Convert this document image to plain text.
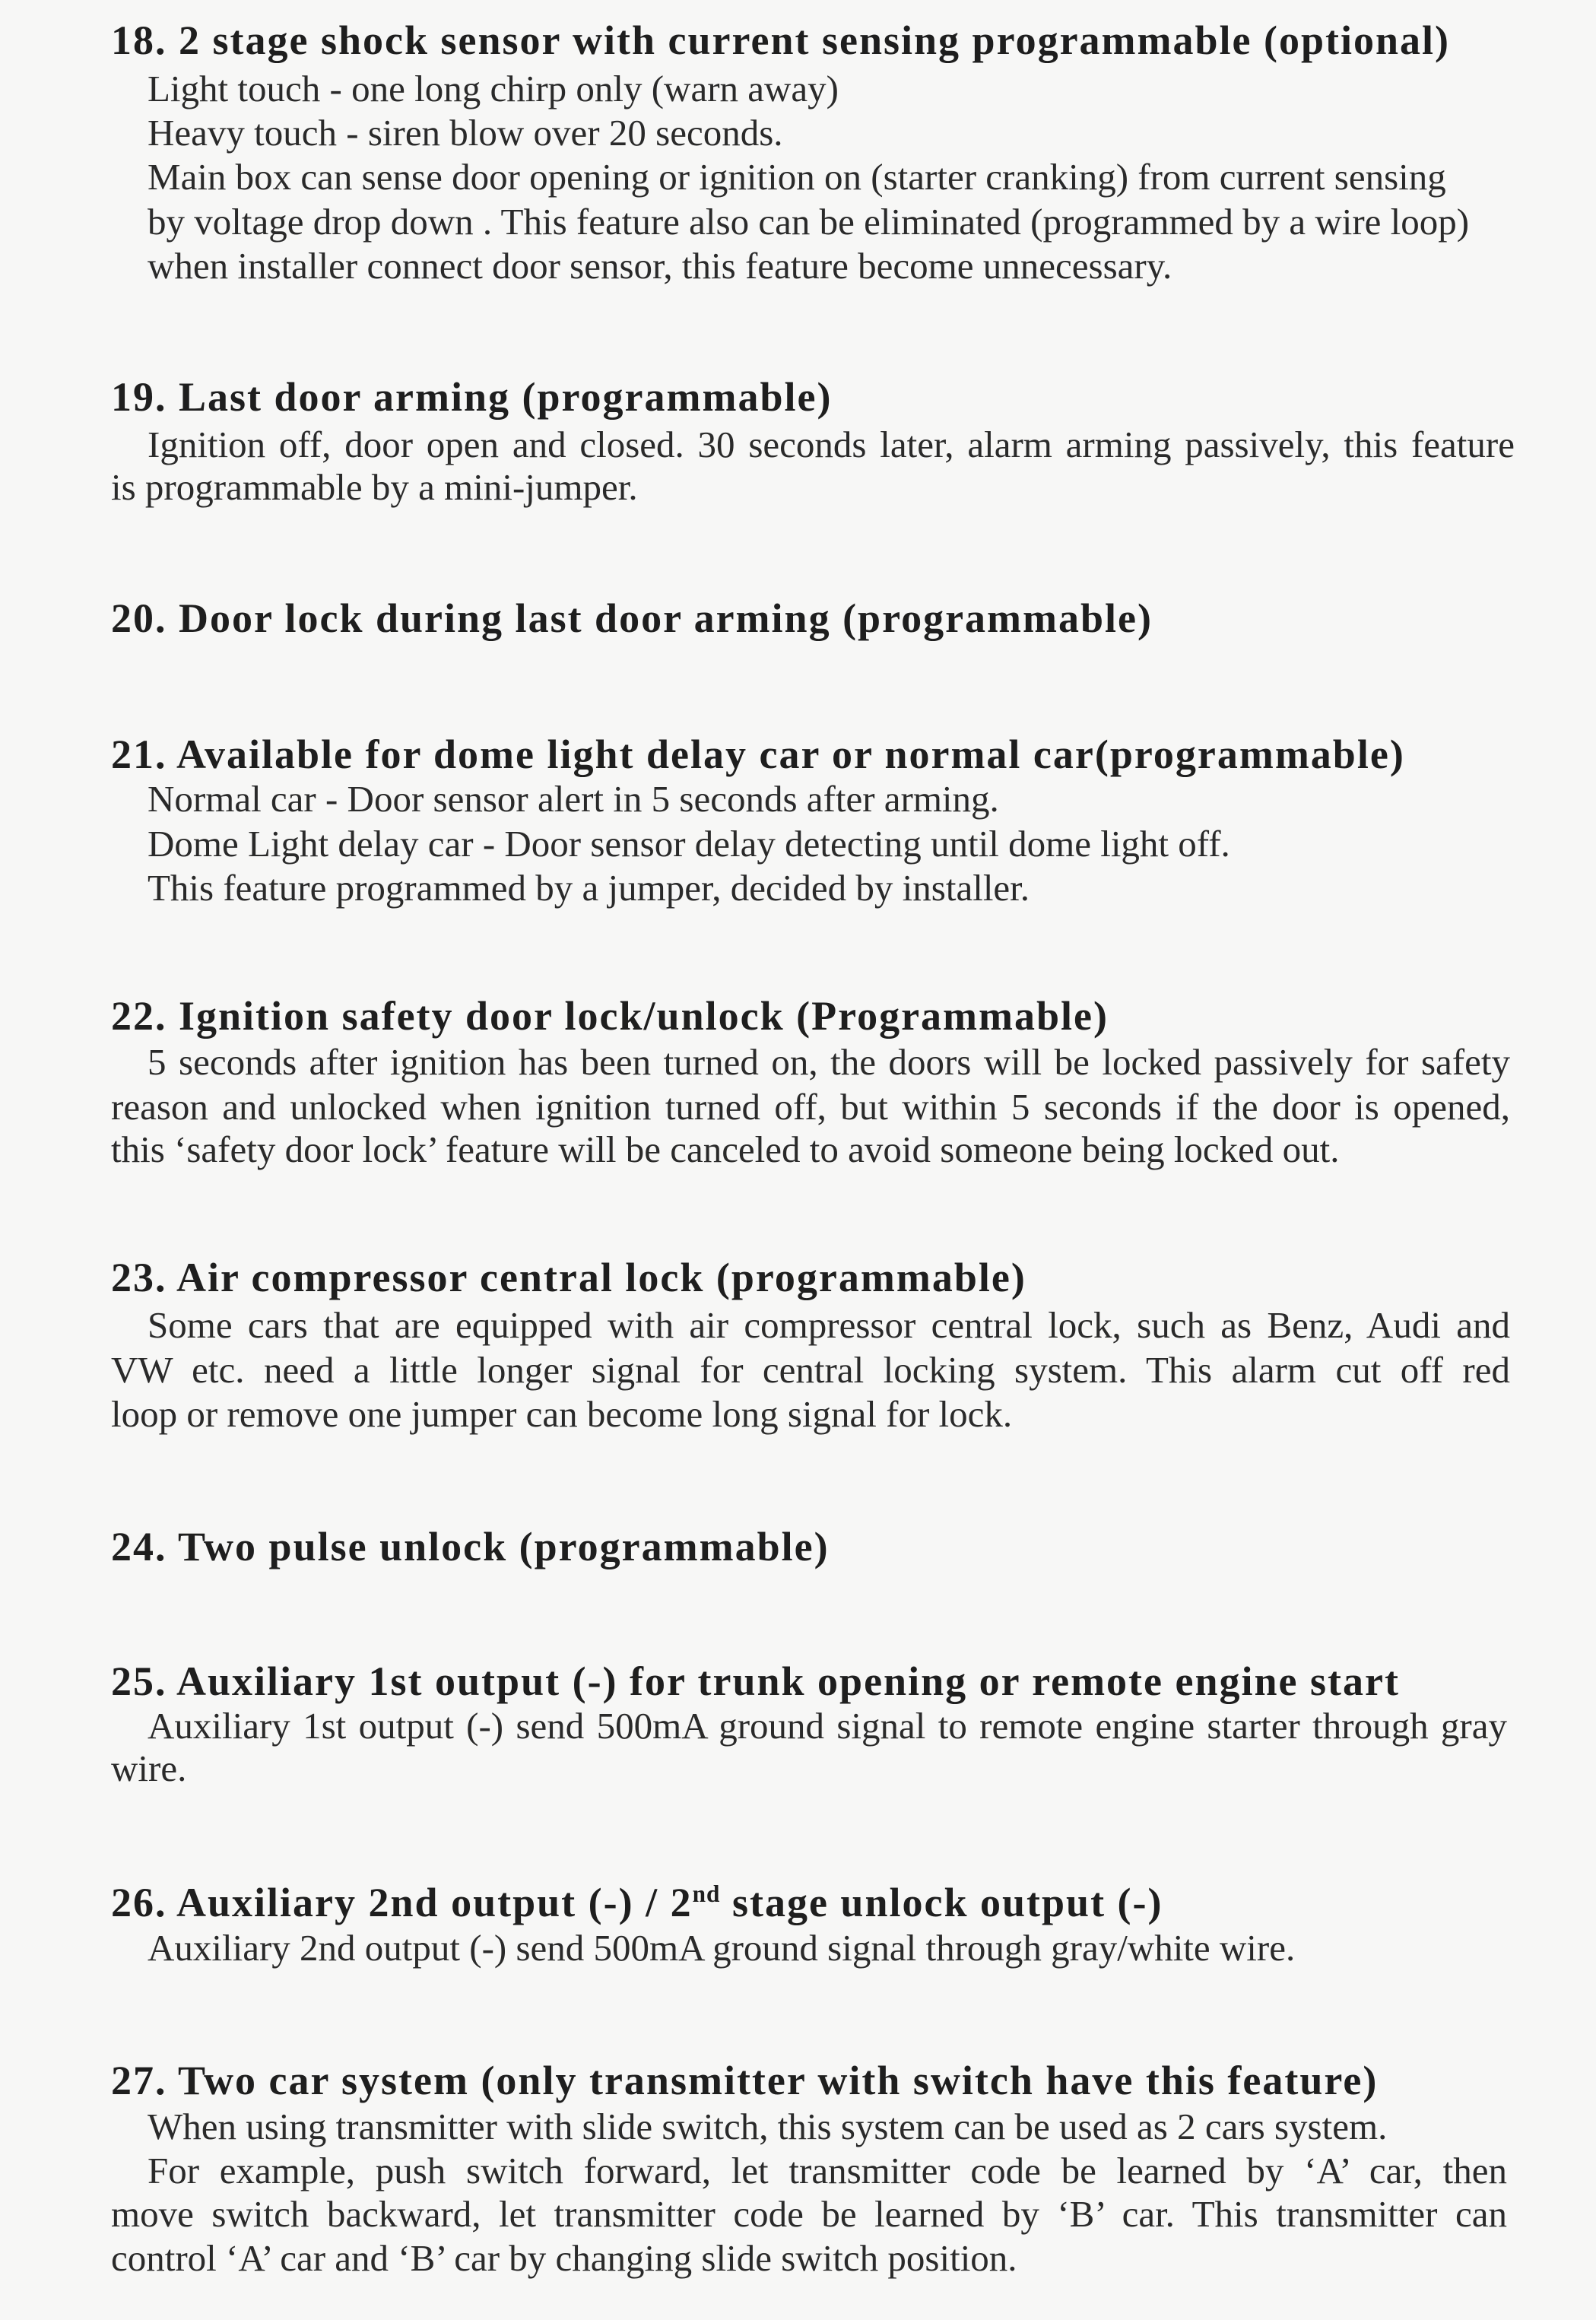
18. 2 stage shock sensor with current sensing programmable (optional)
Light touch - one long chirp only (warn away)
Heavy touch - siren blow over 20 seconds.
Main box can sense door opening or ignition on (starter cranking) from current sensing
by voltage drop down . This feature also can be eliminated (programmed by a wire loop)
when installer connect door sensor, this feature become unnecessary.
19. Last door arming (programmable)
Ignition off, door open and closed. 30 seconds later, alarm arming passively, this feature
is programmable by a mini-jumper.
20. Door lock during last door arming (programmable)
21. Available for dome light delay car or normal car(programmable)
Normal car - Door sensor alert in 5 seconds after arming.
Dome Light delay car - Door sensor delay detecting until dome light off.
This feature programmed by a jumper, decided by installer.
22. Ignition safety door lock/unlock (Programmable)
5 seconds after ignition has been turned on, the doors will be locked passively for safety
reason and unlocked when ignition turned off, but within 5 seconds if the door is opened,
this ‘safety door lock’ feature will be canceled to avoid someone being locked out.
23. Air compressor central lock (programmable)
Some cars that are equipped with air compressor central lock, such as Benz, Audi and
VW etc. need a little longer signal for central locking system. This alarm cut off red
loop or remove one jumper can become long signal for lock.
24. Two pulse unlock (programmable)
25. Auxiliary 1st output (-) for trunk opening or remote engine start
Auxiliary 1st output (-) send 500mA ground signal to remote engine starter through gray
wire.
26. Auxiliary 2nd output (-) / 2nd stage unlock output (-)
Auxiliary 2nd output (-) send 500mA ground signal through gray/white wire.
27. Two car system (only transmitter with switch have this feature)
When using transmitter with slide switch, this system can be used as 2 cars system.
For example, push switch forward, let transmitter code be learned by ‘A’ car, then
move switch backward, let transmitter code be learned by ‘B’ car. This transmitter can
control ‘A’ car and ‘B’ car by changing slide switch position.
